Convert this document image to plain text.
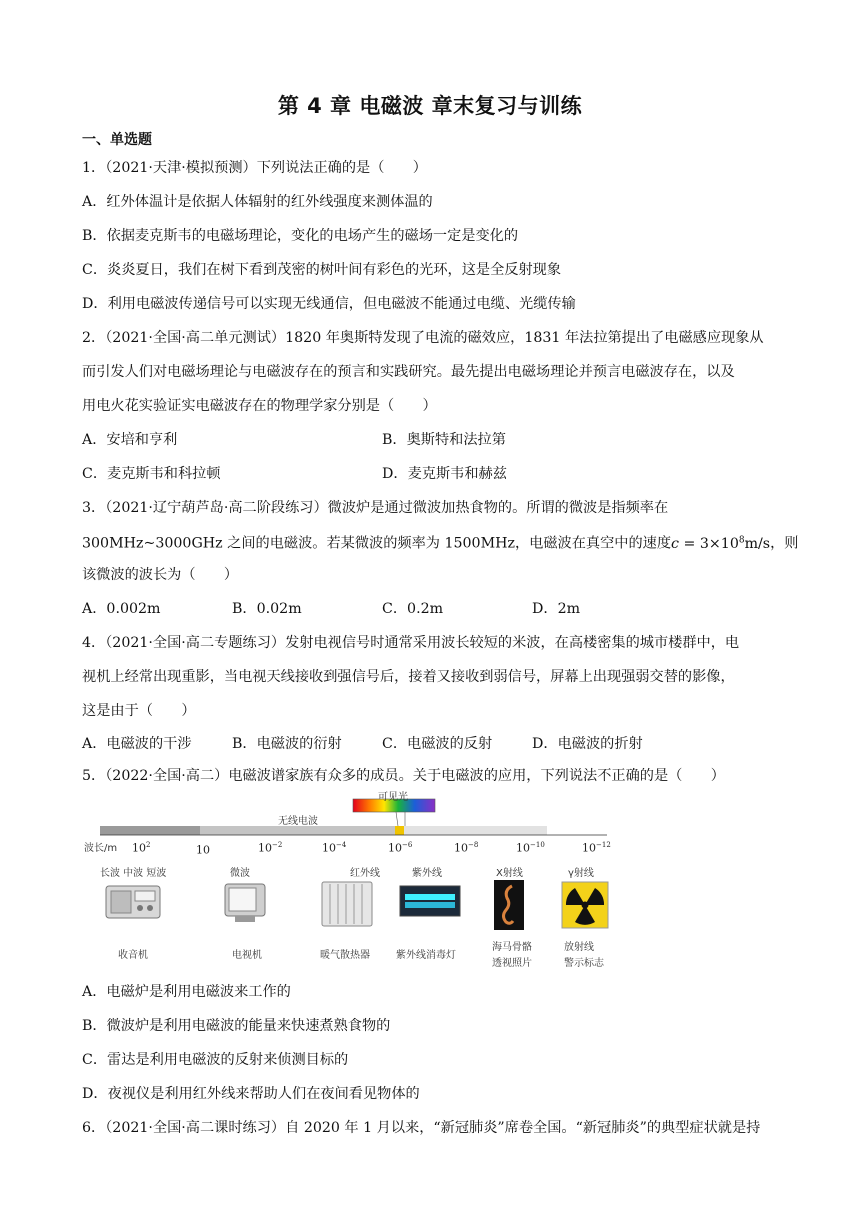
第 4 章 电磁波 章末复习与训练
一、单选题
1．（2021·天津·模拟预测）下列说法正确的是（　　）
A．红外体温计是依据人体辐射的红外线强度来测体温的
B．依据麦克斯韦的电磁场理论，变化的电场产生的磁场一定是变化的
C．炎炎夏日，我们在树下看到茂密的树叶间有彩色的光环，这是全反射现象
D．利用电磁波传递信号可以实现无线通信，但电磁波不能通过电缆、光缆传输
2．（2021·全国·高二单元测试）1820 年奥斯特发现了电流的磁效应，1831 年法拉第提出了电磁感应现象从
而引发人们对电磁场理论与电磁波存在的预言和实践研究。最先提出电磁场理论并预言电磁波存在，以及
用电火花实验证实电磁波存在的物理学家分别是（　　）
A．安培和亨利	B．奥斯特和法拉第
C．麦克斯韦和科拉顿	D．麦克斯韦和赫兹
3．（2021·辽宁葫芦岛·高二阶段练习）微波炉是通过微波加热食物的。所谓的微波是指频率在
300MHz~3000GHz 之间的电磁波。若某微波的频率为 1500MHz，电磁波在真空中的速度$c = 3\times 10^8m/s$，则
该微波的波长为（　　）
A．0.002m	B．0.02m	C．0.2m	D．2m
4．（2021·全国·高二专题练习）发射电视信号时通常采用波长较短的米波，在高楼密集的城市楼群中，电
视机上经常出现重影，当电视天线接收到强信号后，接着又接收到弱信号，屏幕上出现强弱交替的影像，
这是由于（　　）
A．电磁波的干涉	B．电磁波的衍射	C．电磁波的反射	D．电磁波的折射
5．（2022·全国·高二）电磁波谱家族有众多的成员。关于电磁波的应用，下列说法不正确的是（　　）
可见光
无线电波
波长/m $10^2$	10	$10^{-2}$	$10^{-4}$	$10^{-6}$	$10^{-8}$	$10^{-10}$	$10^{-12}$
长波 中波 短波	微波	红外线	紫外线	X射线	γ射线
收音机	电视机	暖气散热器	紫外线消毒灯
海马骨骼
透视照片
放射线
警示标志
A．电磁炉是利用电磁波来工作的
B．微波炉是利用电磁波的能量来快速煮熟食物的
C．雷达是利用电磁波的反射来侦测目标的
D．夜视仪是利用红外线来帮助人们在夜间看见物体的
6．（2021·全国·高二课时练习）自 2020 年 1 月以来，“新冠肺炎”席卷全国。“新冠肺炎”的典型症状就是持
